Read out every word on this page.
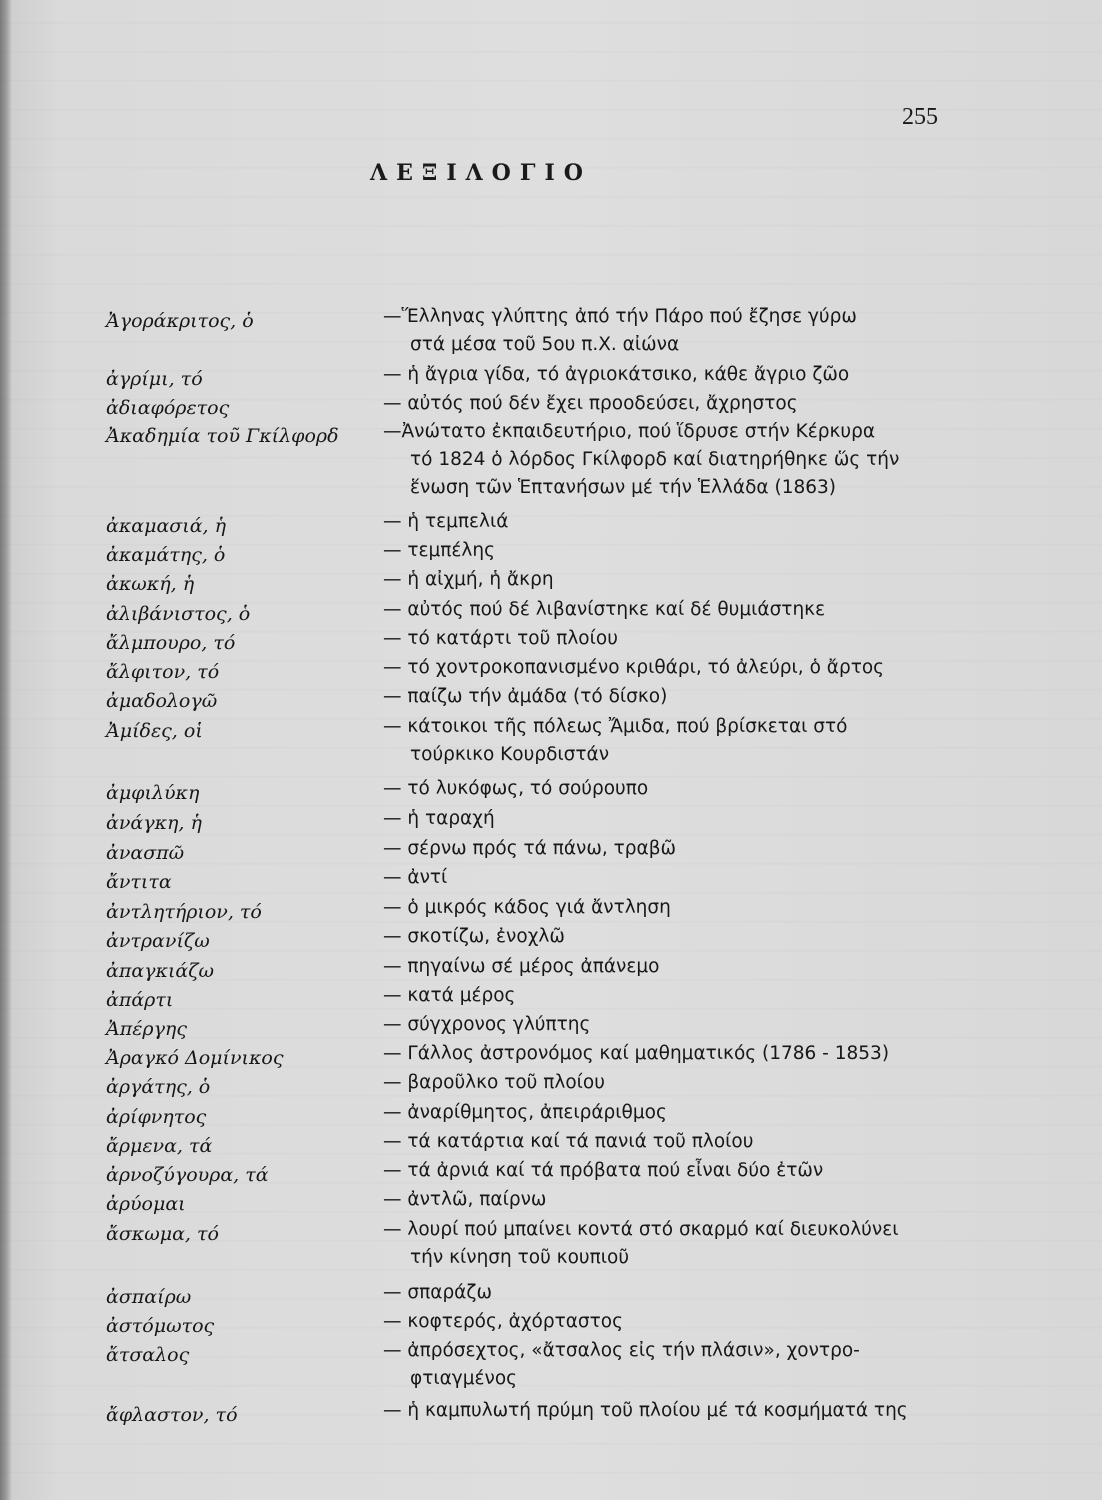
255
ΛΕΞΙΛΟΓΙΟ
Ἀγοράκριτος, ὁ	—Ἕλληνας γλύπτης ἀπό τήν Πάρο πού ἔζησε γύρω
στά μέσα τοῦ 5ου π.Χ. αἰώνα
ἀγρίμι, τό	— ἡ ἄγρια γίδα, τό ἀγριοκάτσικο, κάθε ἄγριο ζῶο
ἀδιαφόρετος	— αὐτός πού δέν ἔχει προοδεύσει, ἄχρηστος
Ἀκαδημία τοῦ Γκίλφορδ —Ἀνώτατο ἐκπαιδευτήριο, πού ἵδρυσε στήν Κέρκυρα
τό 1824 ὁ λόρδος Γκίλφορδ καί διατηρήθηκε ὥς τήν
ἕνωση τῶν Ἑπτανήσων μέ τήν Ἑλλάδα (1863)
ἀκαμασιά, ἡ	— ἡ τεμπελιά
ἀκαμάτης, ὁ	— τεμπέλης
ἀκωκή, ἡ	— ἡ αἰχμή, ἡ ἄκρη
ἀλιβάνιστος, ὁ	— αὐτός πού δέ λιβανίστηκε καί δέ θυμιάστηκε
ἄλμπουρο, τό	— τό κατάρτι τοῦ πλοίου
ἄλφιτον, τό	— τό χοντροκοπανισμένο κριθάρι, τό ἀλεύρι, ὁ ἄρτος
ἀμαδολογῶ	— παίζω τήν ἀμάδα (τό δίσκο)
Ἀμίδες, οἱ	— κάτοικοι τῆς πόλεως Ἄμιδα, πού βρίσκεται στό
τούρκικο Κουρδιστάν
ἀμφιλύκη	— τό λυκόφως, τό σούρουπο
ἀνάγκη, ἡ	— ἡ ταραχή
ἀνασπῶ	— σέρνω πρός τά πάνω, τραβῶ
ἄντιτα	— ἀντί
ἀντλητήριον, τό	— ὁ μικρός κάδος γιά ἄντληση
ἀντρανίζω	— σκοτίζω, ἐνοχλῶ
ἀπαγκιάζω	— πηγαίνω σέ μέρος ἀπάνεμο
ἀπάρτι	— κατά μέρος
Ἀπέργης	— σύγχρονος γλύπτης
Ἀραγκό Δομίνικος	— Γάλλος ἀστρονόμος καί μαθηματικός (1786 - 1853)
ἀργάτης, ὁ	— βαροῦλκο τοῦ πλοίου
ἀρίφνητος	— ἀναρίθμητος, ἀπειράριθμος
ἄρμενα, τά	— τά κατάρτια καί τά πανιά τοῦ πλοίου
ἀρνοζύγουρα, τά	— τά ἀρνιά καί τά πρόβατα πού εἶναι δύο ἐτῶν
ἀρύομαι	— ἀντλῶ, παίρνω
ἄσκωμα, τό	— λουρί πού μπαίνει κοντά στό σκαρμό καί διευκολύνει
τήν κίνηση τοῦ κουπιοῦ
ἀσπαίρω	— σπαράζω
ἀστόμωτος	— κοφτερός, ἀχόρταστος
ἄτσαλος	— ἀπρόσεχτος, «ἄτσαλος εἰς τήν πλάσιν», χοντρο-
φτιαγμένος
ἄφλαστον, τό	— ἡ καμπυλωτή πρύμη τοῦ πλοίου μέ τά κοσμήματά της
